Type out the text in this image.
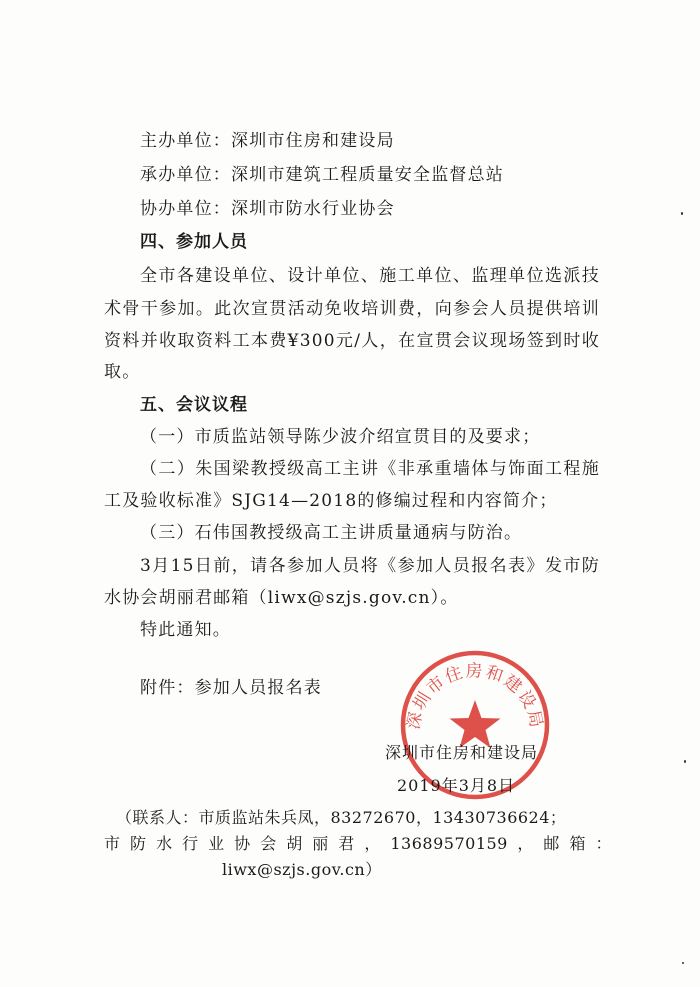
主办单位：深圳市住房和建设局
承办单位：深圳市建筑工程质量安全监督总站
协办单位：深圳市防水行业协会
四、参加人员
全市各建设单位、设计单位、施工单位、监理单位选派技
术骨干参加。此次宣贯活动免收培训费，向参会人员提供培训
资料并收取资料工本费¥300元/人，在宣贯会议现场签到时收
取。
五、会议议程
（一）市质监站领导陈少波介绍宣贯目的及要求；
（二）朱国梁教授级高工主讲《非承重墙体与饰面工程施
工及验收标准》SJG14—2018的修编过程和内容简介；
（三）石伟国教授级高工主讲质量通病与防治。
3月15日前，请各参加人员将《参加人员报名表》发市防
水协会胡丽君邮箱（liwx@szjs.gov.cn）。
特此通知。
附件：参加人员报名表
深圳市住房和建设局
深圳市住房和建设局
2019年3月8日
（联系人：市质监站朱兵凤，83272670，13430736624；
市防水行业协会胡丽君，13689570159，邮箱：
liwx@szjs.gov.cn）
